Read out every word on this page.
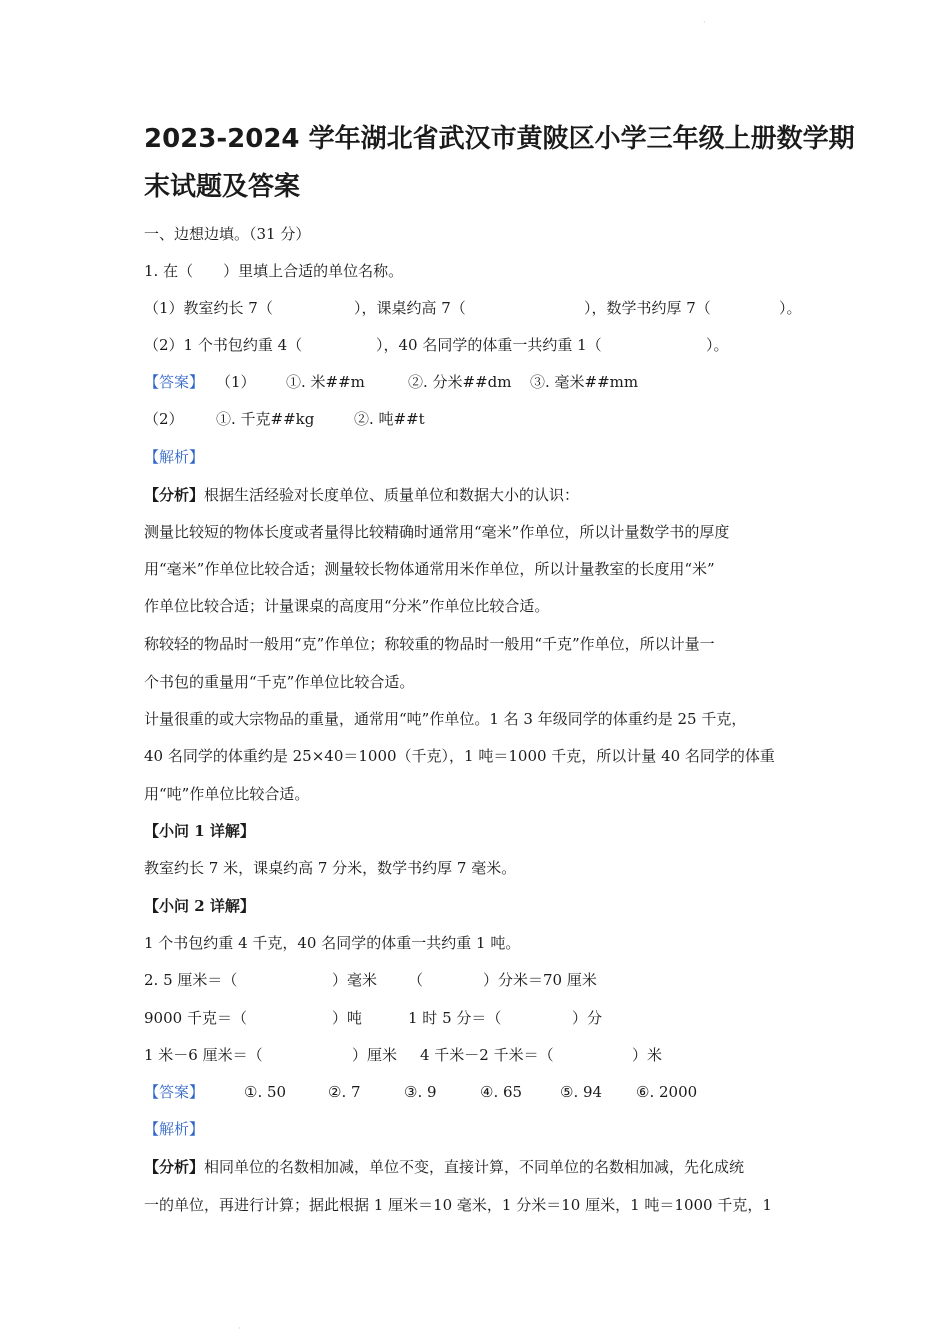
2023-2024 学年湖北省武汉市黄陂区小学三年级上册数学期
末试题及答案
一、边想边填。（31 分）
1. 在（　　）里填上合适的单位名称。
（1）教室约长 7（	），课桌约高 7（	），数学书约厚 7（	）。
（2）1 个书包约重 4（	），40 名同学的体重一共约重 1（	）。
【答案】 （1） ①. 米##m	②. 分米##dm ③. 毫米##mm
（2） ①. 千克##kg	②. 吨##t
【解析】
【分析】根据生活经验对长度单位、质量单位和数据大小的认识：
测量比较短的物体长度或者量得比较精确时通常用“毫米”作单位，所以计量数学书的厚度
用“毫米”作单位比较合适；测量较长物体通常用米作单位，所以计量教室的长度用“米”
作单位比较合适；计量课桌的高度用“分米”作单位比较合适。
称较轻的物品时一般用“克”作单位；称较重的物品时一般用“千克”作单位，所以计量一
个书包的重量用“千克”作单位比较合适。
计量很重的或大宗物品的重量，通常用“吨”作单位。1 名 3 年级同学的体重约是 25 千克，
40 名同学的体重约是 25×40＝1000（千克），1 吨＝1000 千克，所以计量 40 名同学的体重
用“吨”作单位比较合适。
【小问 1 详解】
教室约长 7 米，课桌约高 7 分米，数学书约厚 7 毫米。
【小问 2 详解】
1 个书包约重 4 千克，40 名同学的体重一共约重 1 吨。
2. 5 厘米＝（	）毫米 （	）分米＝70 厘米
9000 千克＝（	）吨	1 时 5 分＝（	）分
1 米－6 厘米＝（	）厘米 4 千米－2 千米＝（	）米
【答案】	①. 50	②. 7	③. 9	④. 65	⑤. 94 ⑥. 2000
【解析】
【分析】相同单位的名数相加减，单位不变，直接计算，不同单位的名数相加减，先化成统
一的单位，再进行计算；据此根据 1 厘米＝10 毫米，1 分米＝10 厘米，1 吨＝1000 千克，1
·
·
